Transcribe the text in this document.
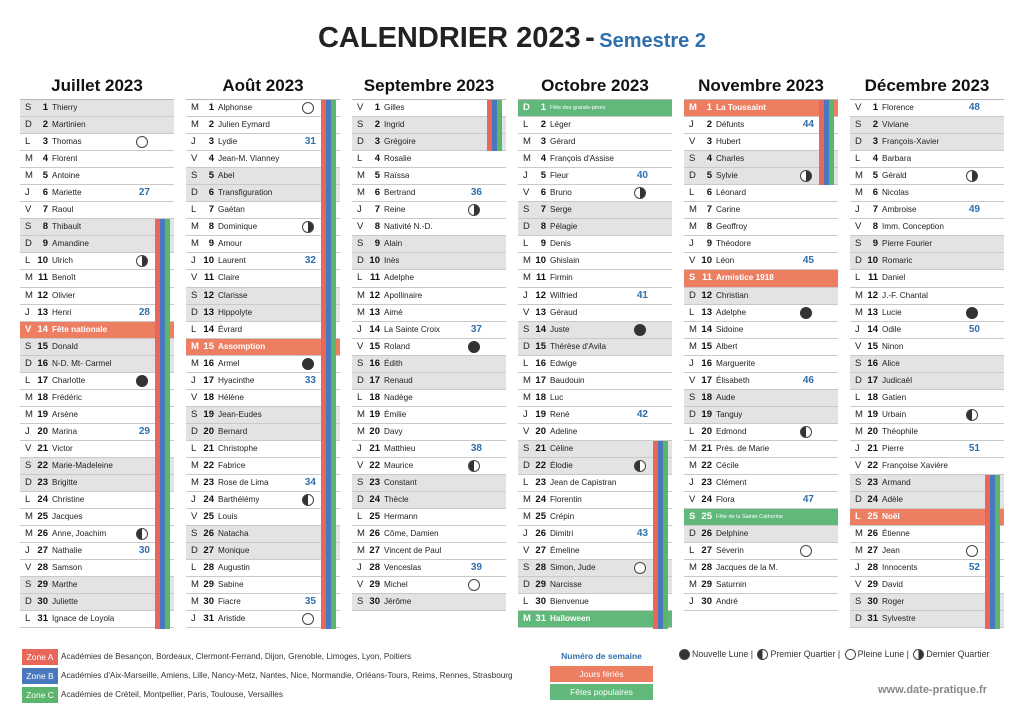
CALENDRIER 2023 - Semestre 2
Juillet 2023
S	1 Thierry
D	2 Martinien
L	3 Thomas
M	4 Florent
M	5 Antoine
J	6 Mariette	27
V	7 Raoul
S	8 Thibault
D	9 Amandine
L 10 Ulrich
M 11 Benoît
M 12 Olivier
J 13 Henri	28
V 14 Fête nationale
S 15 Donald
D 16 N-D. Mt- Carmel
L 17 Charlotte
M 18 Frédéric
M 19 Arsène
J 20 Marina	29
V 21 Victor
S 22 Marie-Madeleine
D 23 Brigitte
L 24 Christine
M 25 Jacques
M 26 Anne, Joachim
J 27 Nathalie	30
V 28 Samson
S 29 Marthe
D 30 Juliette
L 31 Ignace de Loyola
Août 2023
M	1 Alphonse
M	2 Julien Eymard
J	3 Lydie	31
V	4 Jean-M. Vianney
S	5 Abel
D	6 Transfiguration
L	7 Gaétan
M	8 Dominique
M	9 Amour
J 10 Laurent	32
V 11 Claire
S 12 Clarisse
D 13 Hippolyte
L 14 Évrard
M 15 Assomption
M 16 Armel
J 17 Hyacinthe	33
V 18 Hélène
S 19 Jean-Eudes
D 20 Bernard
L 21 Christophe
M 22 Fabrice
M 23 Rose de Lima	34
J 24 Barthélémy
V 25 Louis
S 26 Natacha
D 27 Monique
L 28 Augustin
M 29 Sabine
M 30 Fiacre	35
J 31 Aristide
Septembre 2023
V	1 Gilles
S	2 Ingrid
D	3 Grégoire
L	4 Rosalie
M	5 Raïssa
M	6 Bertrand	36
J	7 Reine
V	8 Nativité N.-D.
S	9 Alain
D 10 Inès
L 11 Adelphe
M 12 Apollinaire
M 13 Aimé
J 14 La Sainte Croix	37
V 15 Roland
S 16 Édith
D 17 Renaud
L 18 Nadège
M 19 Émilie
M 20 Davy
J 21 Matthieu	38
V 22 Maurice
S 23 Constant
D 24 Thècle
L 25 Hermann
M 26 Côme, Damien
M 27 Vincent de Paul
J 28 Venceslas	39
V 29 Michel
S 30 Jérôme
Octobre 2023
D	1 Fête des grands-pères
L	2 Léger
M	3 Gérard
M	4 François d'Assise
J	5 Fleur	40
V	6 Bruno
S	7 Serge
D	8 Pélagie
L	9 Denis
M 10 Ghislain
M 11 Firmin
J 12 Wilfried	41
V 13 Géraud
S 14 Juste
D 15 Thérèse d'Avila
L 16 Edwige
M 17 Baudouin
M 18 Luc
J 19 René	42
V 20 Adeline
S 21 Céline
D 22 Élodie
L 23 Jean de Capistran
M 24 Florentin
M 25 Crépin
J 26 Dimitri	43
V 27 Émeline
S 28 Simon, Jude
D 29 Narcisse
L 30 Bienvenue
M 31 Halloween
Novembre 2023
M	1 La Toussaint
J	2 Défunts	44
V	3 Hubert
S	4 Charles
D	5 Sylvie
L	6 Léonard
M	7 Carine
M	8 Geoffroy
J	9 Théodore
V 10 Léon	45
S 11 Armistice 1918
D 12 Christian
L 13 Adelphe
M 14 Sidoine
M 15 Albert
J 16 Marguerite
V 17 Élisabeth	46
S 18 Aude
D 19 Tanguy
L 20 Edmond
M 21 Prés. de Marie
M 22 Cécile
J 23 Clément
V 24 Flora	47
S 25 Fête de la Sainte Catherine
D 26 Delphine
L 27 Séverin
M 28 Jacques de la M.
M 29 Saturnin
J 30 André
Décembre 2023
V	1 Florence	48
S	2 Viviane
D	3 François-Xavier
L	4 Barbara
M	5 Gérald
M	6 Nicolas
J	7 Ambroise	49
V	8 Imm. Conception
S	9 Pierre Fourier
D 10 Romaric
L 11 Daniel
M 12 J.-F. Chantal
M 13 Lucie
J 14 Odile	50
V 15 Ninon
S 16 Alice
D 17 Judicaël
L 18 Gatien
M 19 Urbain
M 20 Théophile
J 21 Pierre	51
V 22 Françoise Xavière
S 23 Armand
D 24 Adèle
L 25 Noël
M 26 Étienne
M 27 Jean
J 28 Innocents	52
V 29 David
S 30 Roger
D 31 Sylvestre
Zone A Académies de Besançon, Bordeaux, Clermont-Ferrand, Dijon, Grenoble, Limoges, Lyon, Poitiers
Zone B Académies d'Aix-Marseille, Amiens, Lille, Nancy-Metz, Nantes, Nice, Normandie, Orléans-Tours, Reims, Rennes, Strasbourg
Zone C Académies de Créteil, Montpellier, Paris, Toulouse, Versailles
Numéro de semaine
Jours fériés
Fêtes populaires
Nouvelle Lune | Premier Quartier | Pleine Lune | Dernier Quartier
www.date-pratique.fr
